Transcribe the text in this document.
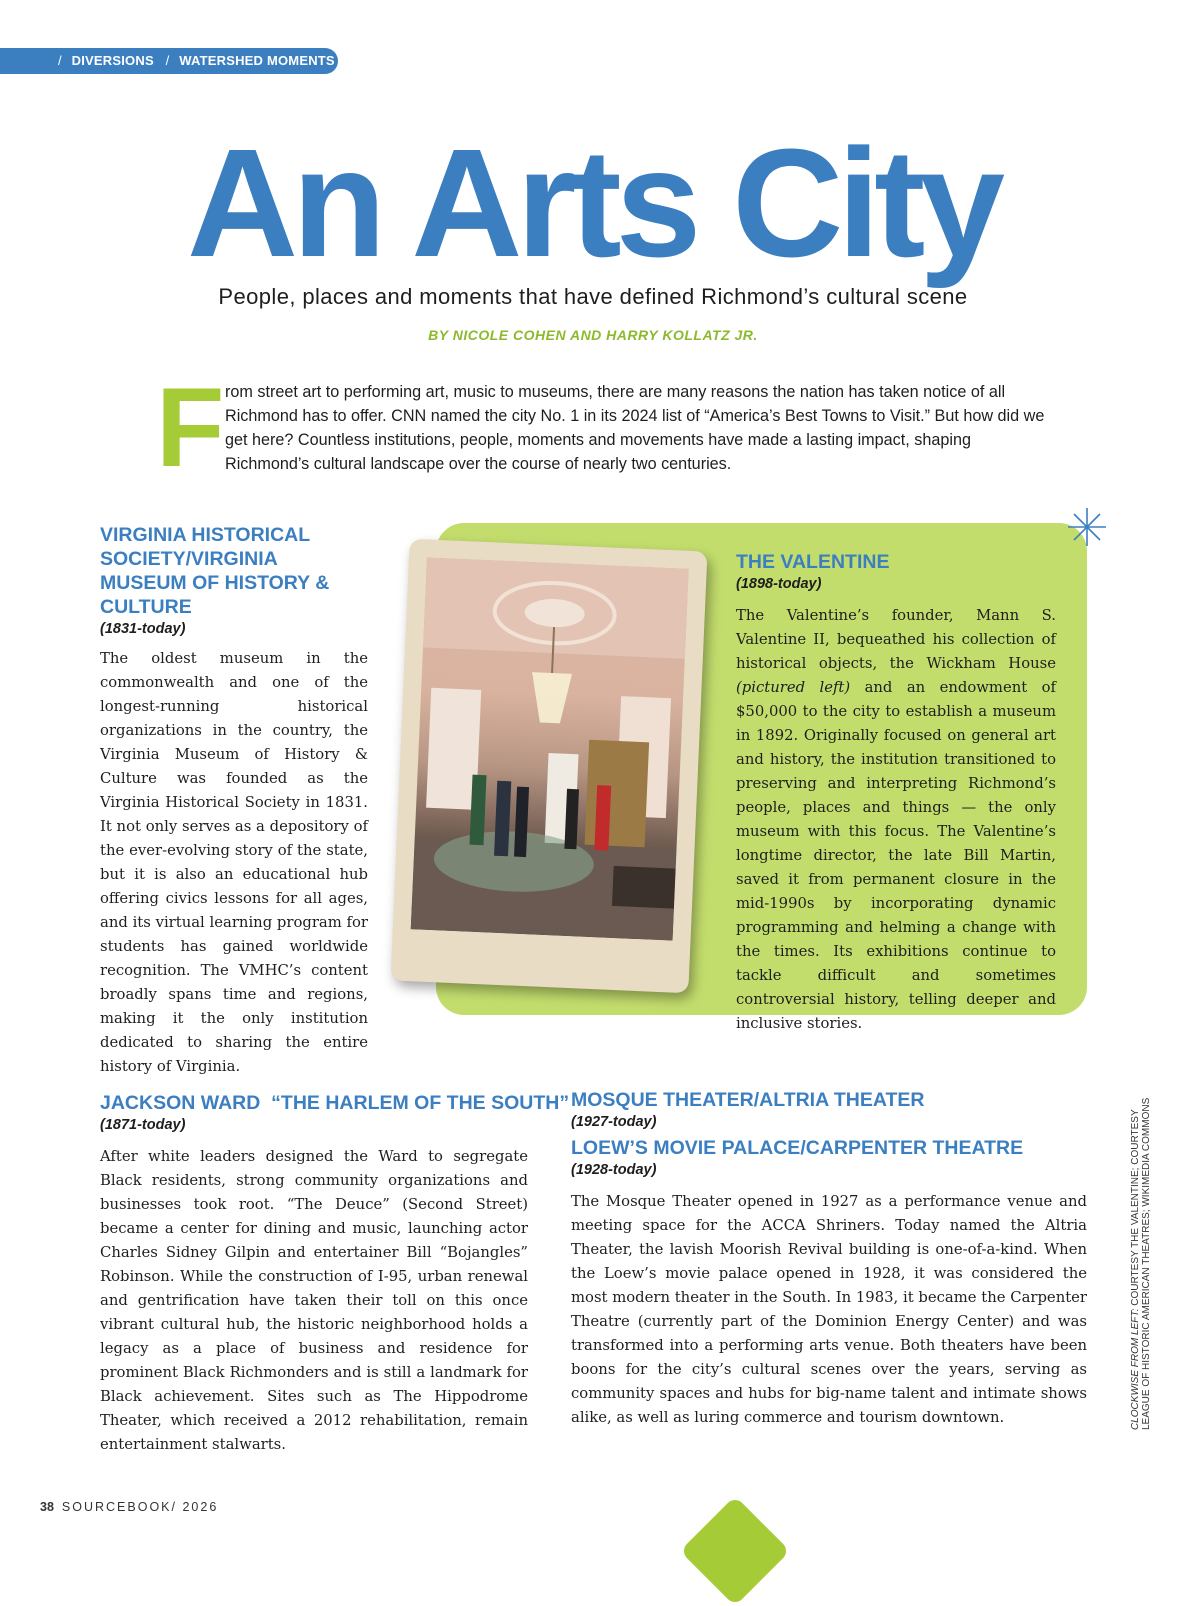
/ DIVERSIONS / WATERSHED MOMENTS
An Arts City
People, places and moments that have defined Richmond’s cultural scene
BY NICOLE COHEN AND HARRY KOLLATZ JR.
F rom street art to performing art, music to museums, there are many reasons the nation has taken notice of all Richmond has to offer. CNN named the city No. 1 in its 2024 list of “America’s Best Towns to Visit.” But how did we get here? Countless institutions, people, moments and movements have made a lasting impact, shaping Richmond’s cultural landscape over the course of nearly two centuries.
VIRGINIA HISTORICAL SOCIETY/VIRGINIA MUSEUM OF HISTORY & CULTURE
(1831-today)
The oldest museum in the commonwealth and one of the longest-running historical organizations in the country, the Virginia Museum of History & Culture was founded as the Virginia Historical Society in 1831. It not only serves as a depository of the ever-evolving story of the state, but it is also an educational hub offering civics lessons for all ages, and its virtual learning program for students has gained worldwide recognition. The VMHC’s content broadly spans time and regions, making it the only institution dedicated to sharing the entire history of Virginia.
THE VALENTINE
(1898-today)
The Valentine’s founder, Mann S. Valentine II, bequeathed his collection of historical objects, the Wickham House (pictured left) and an endowment of $50,000 to the city to establish a museum in 1892. Originally focused on general art and history, the institution transitioned to preserving and interpreting Richmond’s people, places and things — the only museum with this focus. The Valentine’s longtime director, the late Bill Martin, saved it from permanent closure in the mid-1990s by incorporating dynamic programming and helming a change with the times. Its exhibitions continue to tackle difficult and sometimes controversial history, telling deeper and inclusive stories.
JACKSON WARD  “THE HARLEM OF THE SOUTH”
(1871-today)
After white leaders designed the Ward to segregate Black residents, strong community organizations and businesses took root. “The Deuce” (Second Street) became a center for dining and music, launching actor Charles Sidney Gilpin and entertainer Bill “Bojangles” Robinson. While the construction of I-95, urban renewal and gentrification have taken their toll on this once vibrant cultural hub, the historic neighborhood holds a legacy as a place of business and residence for prominent Black Richmonders and is still a landmark for Black achievement. Sites such as The Hippodrome Theater, which received a 2012 rehabilitation, remain entertainment stalwarts.
MOSQUE THEATER/ALTRIA THEATER
(1927-today)
LOEW’S MOVIE PALACE/CARPENTER THEATRE
(1928-today)
The Mosque Theater opened in 1927 as a performance venue and meeting space for the ACCA Shriners. Today named the Altria Theater, the lavish Moorish Revival building is one-of-a-kind. When the Loew’s movie palace opened in 1928, it was considered the most modern theater in the South. In 1983, it became the Carpenter Theatre (currently part of the Dominion Energy Center) and was transformed into a performing arts venue. Both theaters have been boons for the city’s cultural scenes over the years, serving as community spaces and hubs for big-name talent and intimate shows alike, as well as luring commerce and tourism downtown.	CLOCKWISE FROM LEFT: COURTESY THE VALENTINE; COURTESY LEAGUE OF HISTORIC AMERICAN THEATRES; WIKIMEDIA COMMONS
38 SOURCEBOOK/ 2026
